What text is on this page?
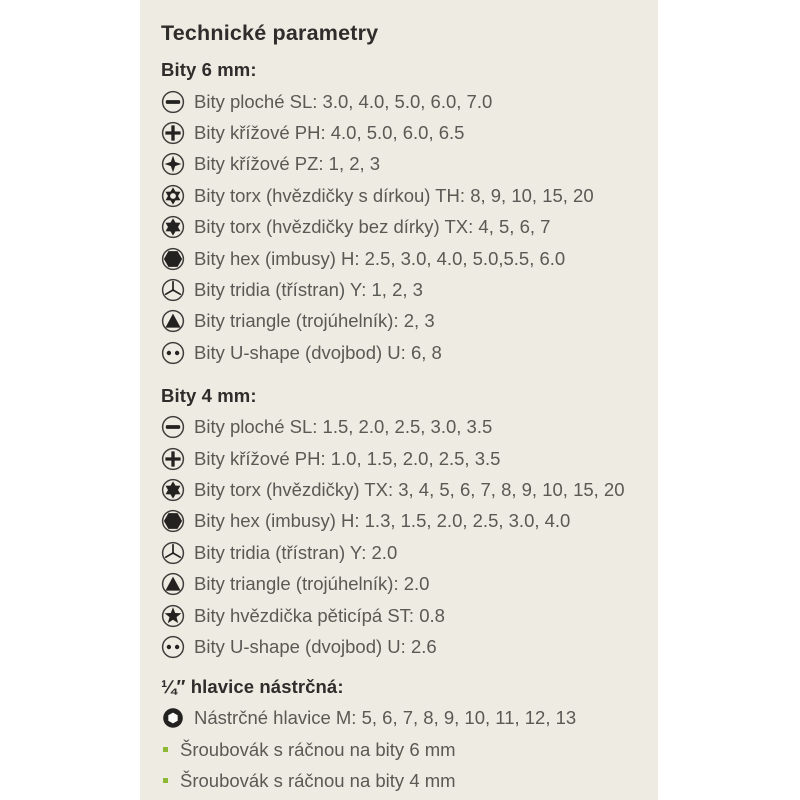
Technické parametry
Bity 6 mm:
Bity ploché SL: 3.0, 4.0, 5.0, 6.0, 7.0
Bity křížové PH: 4.0, 5.0, 6.0, 6.5
Bity křížové PZ: 1, 2, 3
Bity torx (hvězdičky s dírkou) TH: 8, 9, 10, 15, 20
Bity torx (hvězdičky bez dírky) TX: 4, 5, 6, 7
Bity hex (imbusy) H: 2.5, 3.0, 4.0, 5.0,5.5, 6.0
Bity tridia (třístran) Y: 1, 2, 3
Bity triangle (trojúhelník): 2, 3
Bity U-shape (dvojbod) U: 6, 8
Bity 4 mm:
Bity ploché SL: 1.5, 2.0, 2.5, 3.0, 3.5
Bity křížové PH: 1.0, 1.5, 2.0, 2.5, 3.5
Bity torx (hvězdičky) TX: 3, 4, 5, 6, 7, 8, 9, 10, 15, 20
Bity hex (imbusy) H: 1.3, 1.5, 2.0, 2.5, 3.0, 4.0
Bity tridia (třístran) Y: 2.0
Bity triangle (trojúhelník): 2.0
Bity hvězdička pěticípá ST: 0.8
Bity U-shape (dvojbod) U: 2.6
¼″ hlavice nástrčná:
Nástrčné hlavice M: 5, 6, 7, 8, 9, 10, 11, 12, 13
Šroubovák s ráčnou na bity 6 mm
Šroubovák s ráčnou na bity 4 mm
